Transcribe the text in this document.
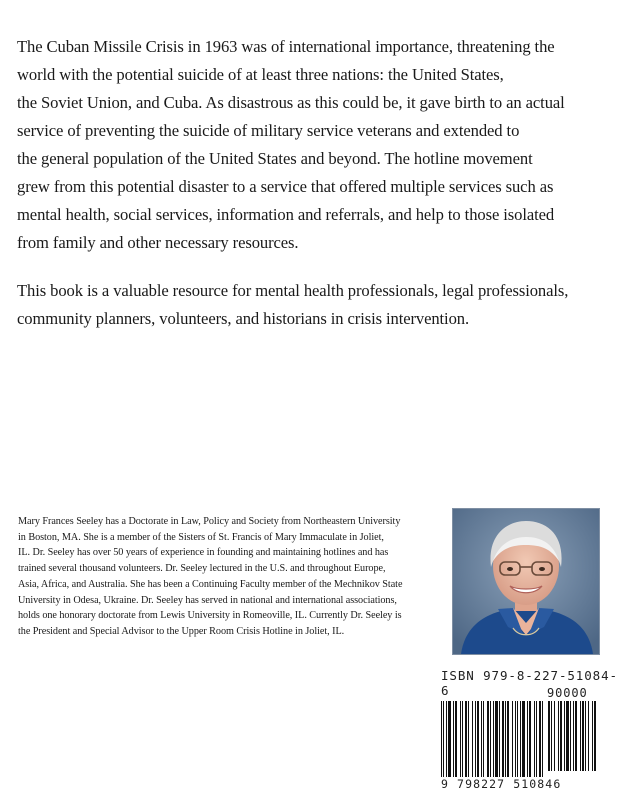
The Cuban Missile Crisis in 1963 was of international importance, threatening the
world with the potential suicide of at least three nations: the United States,
the Soviet Union, and Cuba. As disastrous as this could be, it gave birth to an actual
service of preventing the suicide of military service veterans and extended to
the general population of the United States and beyond. The hotline movement
grew from this potential disaster to a service that offered multiple services such as
mental health, social services, information and referrals, and help to those isolated
from family and other necessary resources.

This book is a valuable resource for mental health professionals, legal professionals,
community planners, volunteers, and historians in crisis intervention.

Mary Frances Seeley has a Doctorate in Law, Policy and Society from Northeastern University
in Boston, MA. She is a member of the Sisters of St. Francis of Mary Immaculate in Joliet,
IL. Dr. Seeley has over 50 years of experience in founding and maintaining hotlines and has
trained several thousand volunteers. Dr. Seeley lectured in the U.S. and throughout Europe,
Asia, Africa, and Australia. She has been a Continuing Faculty member of the Mechnikov State
University in Odesa, Ukraine. Dr. Seeley has served in national and international associations,
holds one honorary doctorate from Lewis University in Romeoville, IL. Currently Dr. Seeley is
the President and Special Advisor to the Upper Room Crisis Hotline in Joliet, IL.

ISBN 979-8-227-51084-6	90000
9 798227 510846
